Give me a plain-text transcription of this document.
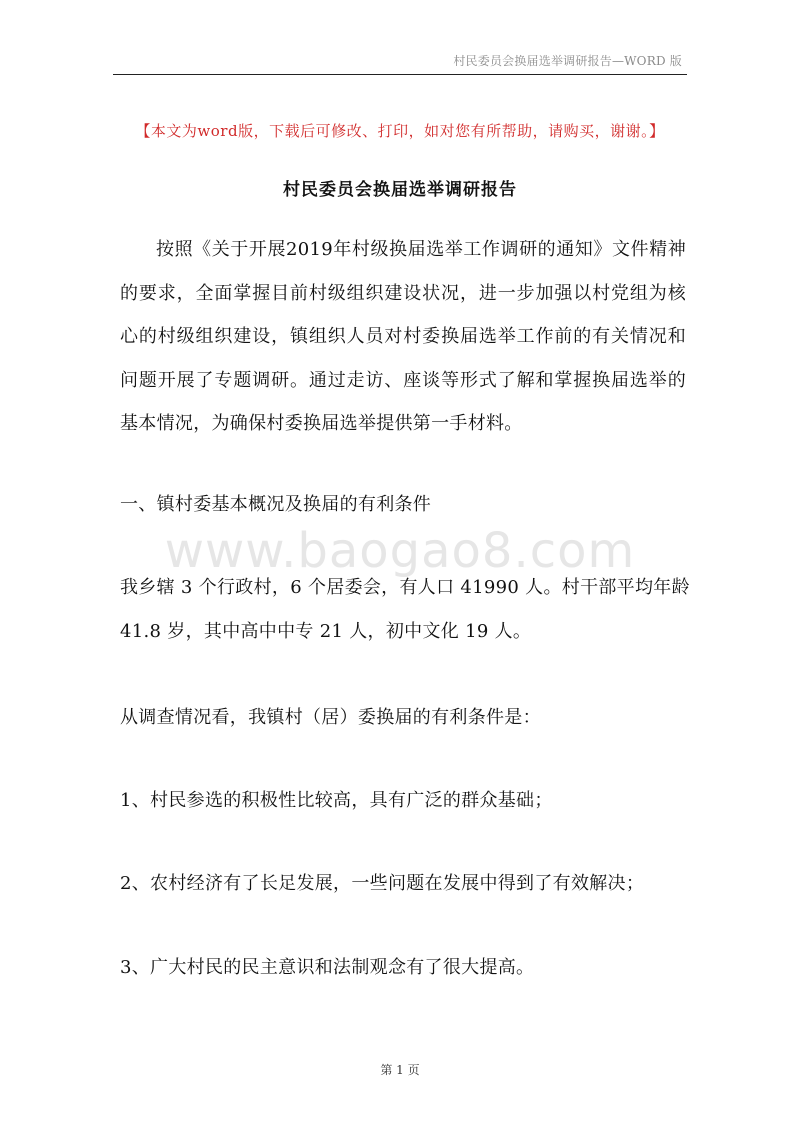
村民委员会换届选举调研报告—WORD 版
【本文为word版，下载后可修改、打印，如对您有所帮助，请购买，谢谢。】
村民委员会换届选举调研报告
按照《关于开展2019年村级换届选举工作调研的通知》文件精神的要求，全面掌握目前村级组织建设状况，进一步加强以村党组为核心的村级组织建设，镇组织人员对村委换届选举工作前的有关情况和问题开展了专题调研。通过走访、座谈等形式了解和掌握换届选举的基本情况，为确保村委换届选举提供第一手材料。
一、镇村委基本概况及换届的有利条件
www.baogao8.com
我乡辖 3 个行政村，6 个居委会，有人口 41990 人。村干部平均年龄
41.8 岁，其中高中中专 21 人，初中文化 19 人。
从调查情况看，我镇村（居）委换届的有利条件是：
1、村民参选的积极性比较高，具有广泛的群众基础；
2、农村经济有了长足发展，一些问题在发展中得到了有效解决；
3、广大村民的民主意识和法制观念有了很大提高。
第 1 页
